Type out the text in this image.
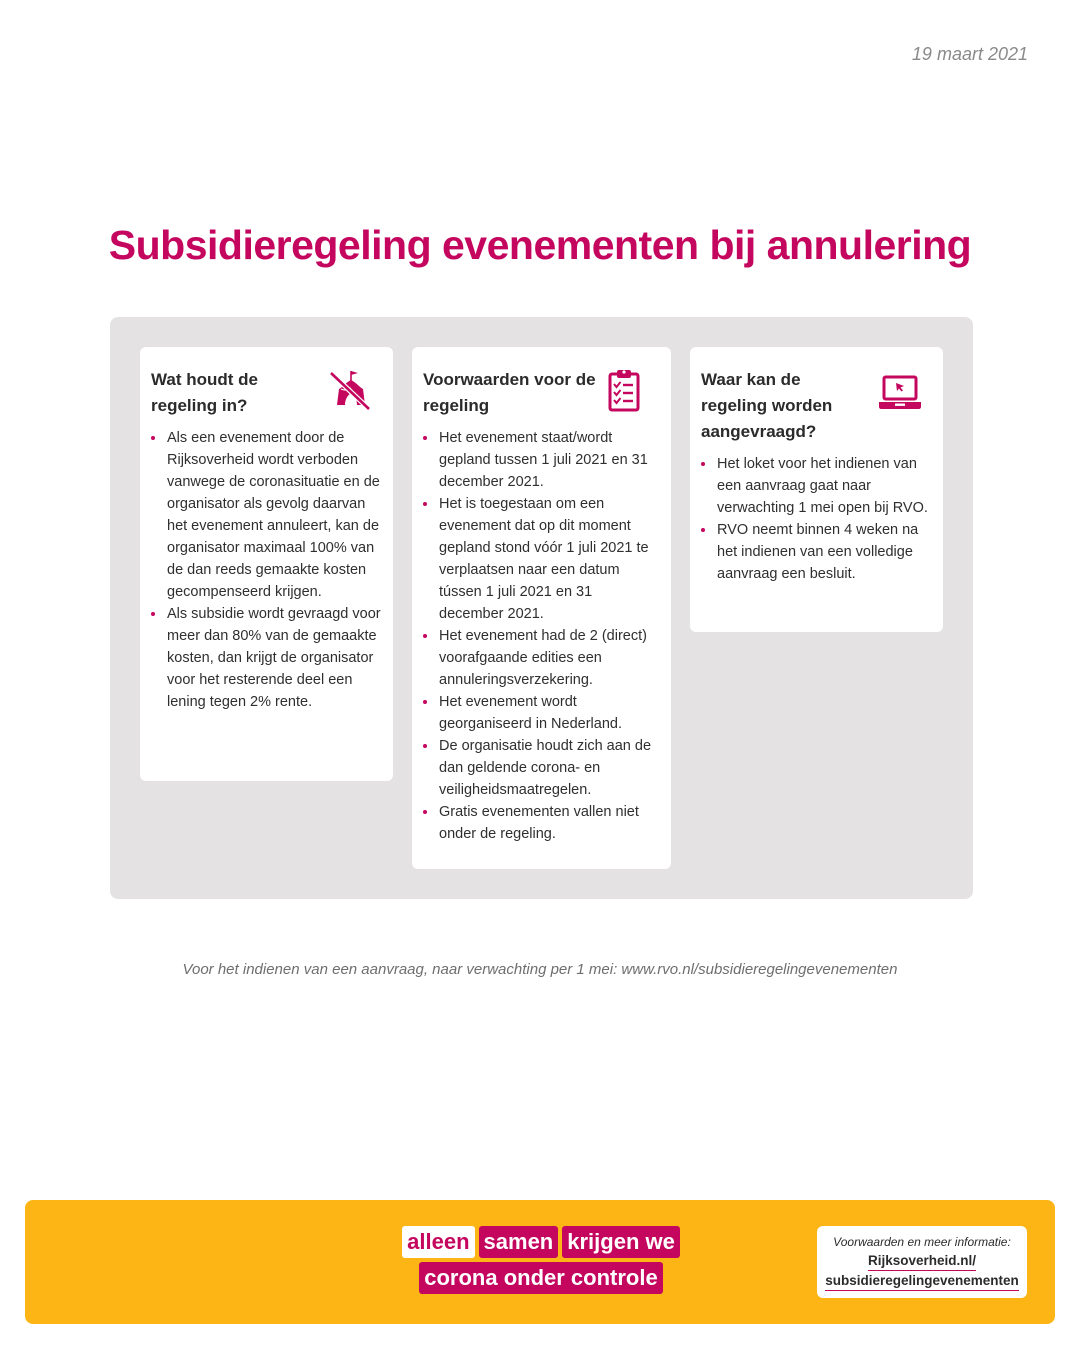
19 maart 2021
Subsidieregeling evenementen bij annulering
Wat houdt de regeling in?
Als een evenement door de Rijksoverheid wordt verboden vanwege de coronasituatie en de organisator als gevolg daarvan het evenement annuleert, kan de organisator maximaal 100% van de dan reeds gemaakte kosten gecompenseerd krijgen.
Als subsidie wordt gevraagd voor meer dan 80% van de gemaakte kosten, dan krijgt de organisator voor het resterende deel een lening tegen 2% rente.
Voorwaarden voor de regeling
Het evenement staat/wordt gepland tussen 1 juli 2021 en 31 december 2021.
Het is toegestaan om een evenement dat op dit moment gepland stond vóór 1 juli 2021 te verplaatsen naar een datum tússen 1 juli 2021 en 31 december 2021.
Het evenement had de 2 (direct) voorafgaande edities een annuleringsverzekering.
Het evenement wordt georganiseerd in Nederland.
De organisatie houdt zich aan de dan geldende corona- en veiligheidsmaatregelen.
Gratis evenementen vallen niet onder de regeling.
Waar kan de regeling worden aangevraagd?
Het loket voor het indienen van een aanvraag gaat naar verwachting 1 mei open bij RVO.
RVO neemt binnen 4 weken na het indienen van een volledige aanvraag een besluit.

Voor het indienen van een aanvraag, naar verwachting per 1 mei: www.rvo.nl/subsidieregelingevenementen

alleen samen krijgen we
corona onder controle
Voorwaarden en meer informatie:
Rijksoverheid.nl/
subsidieregelingevenementen
